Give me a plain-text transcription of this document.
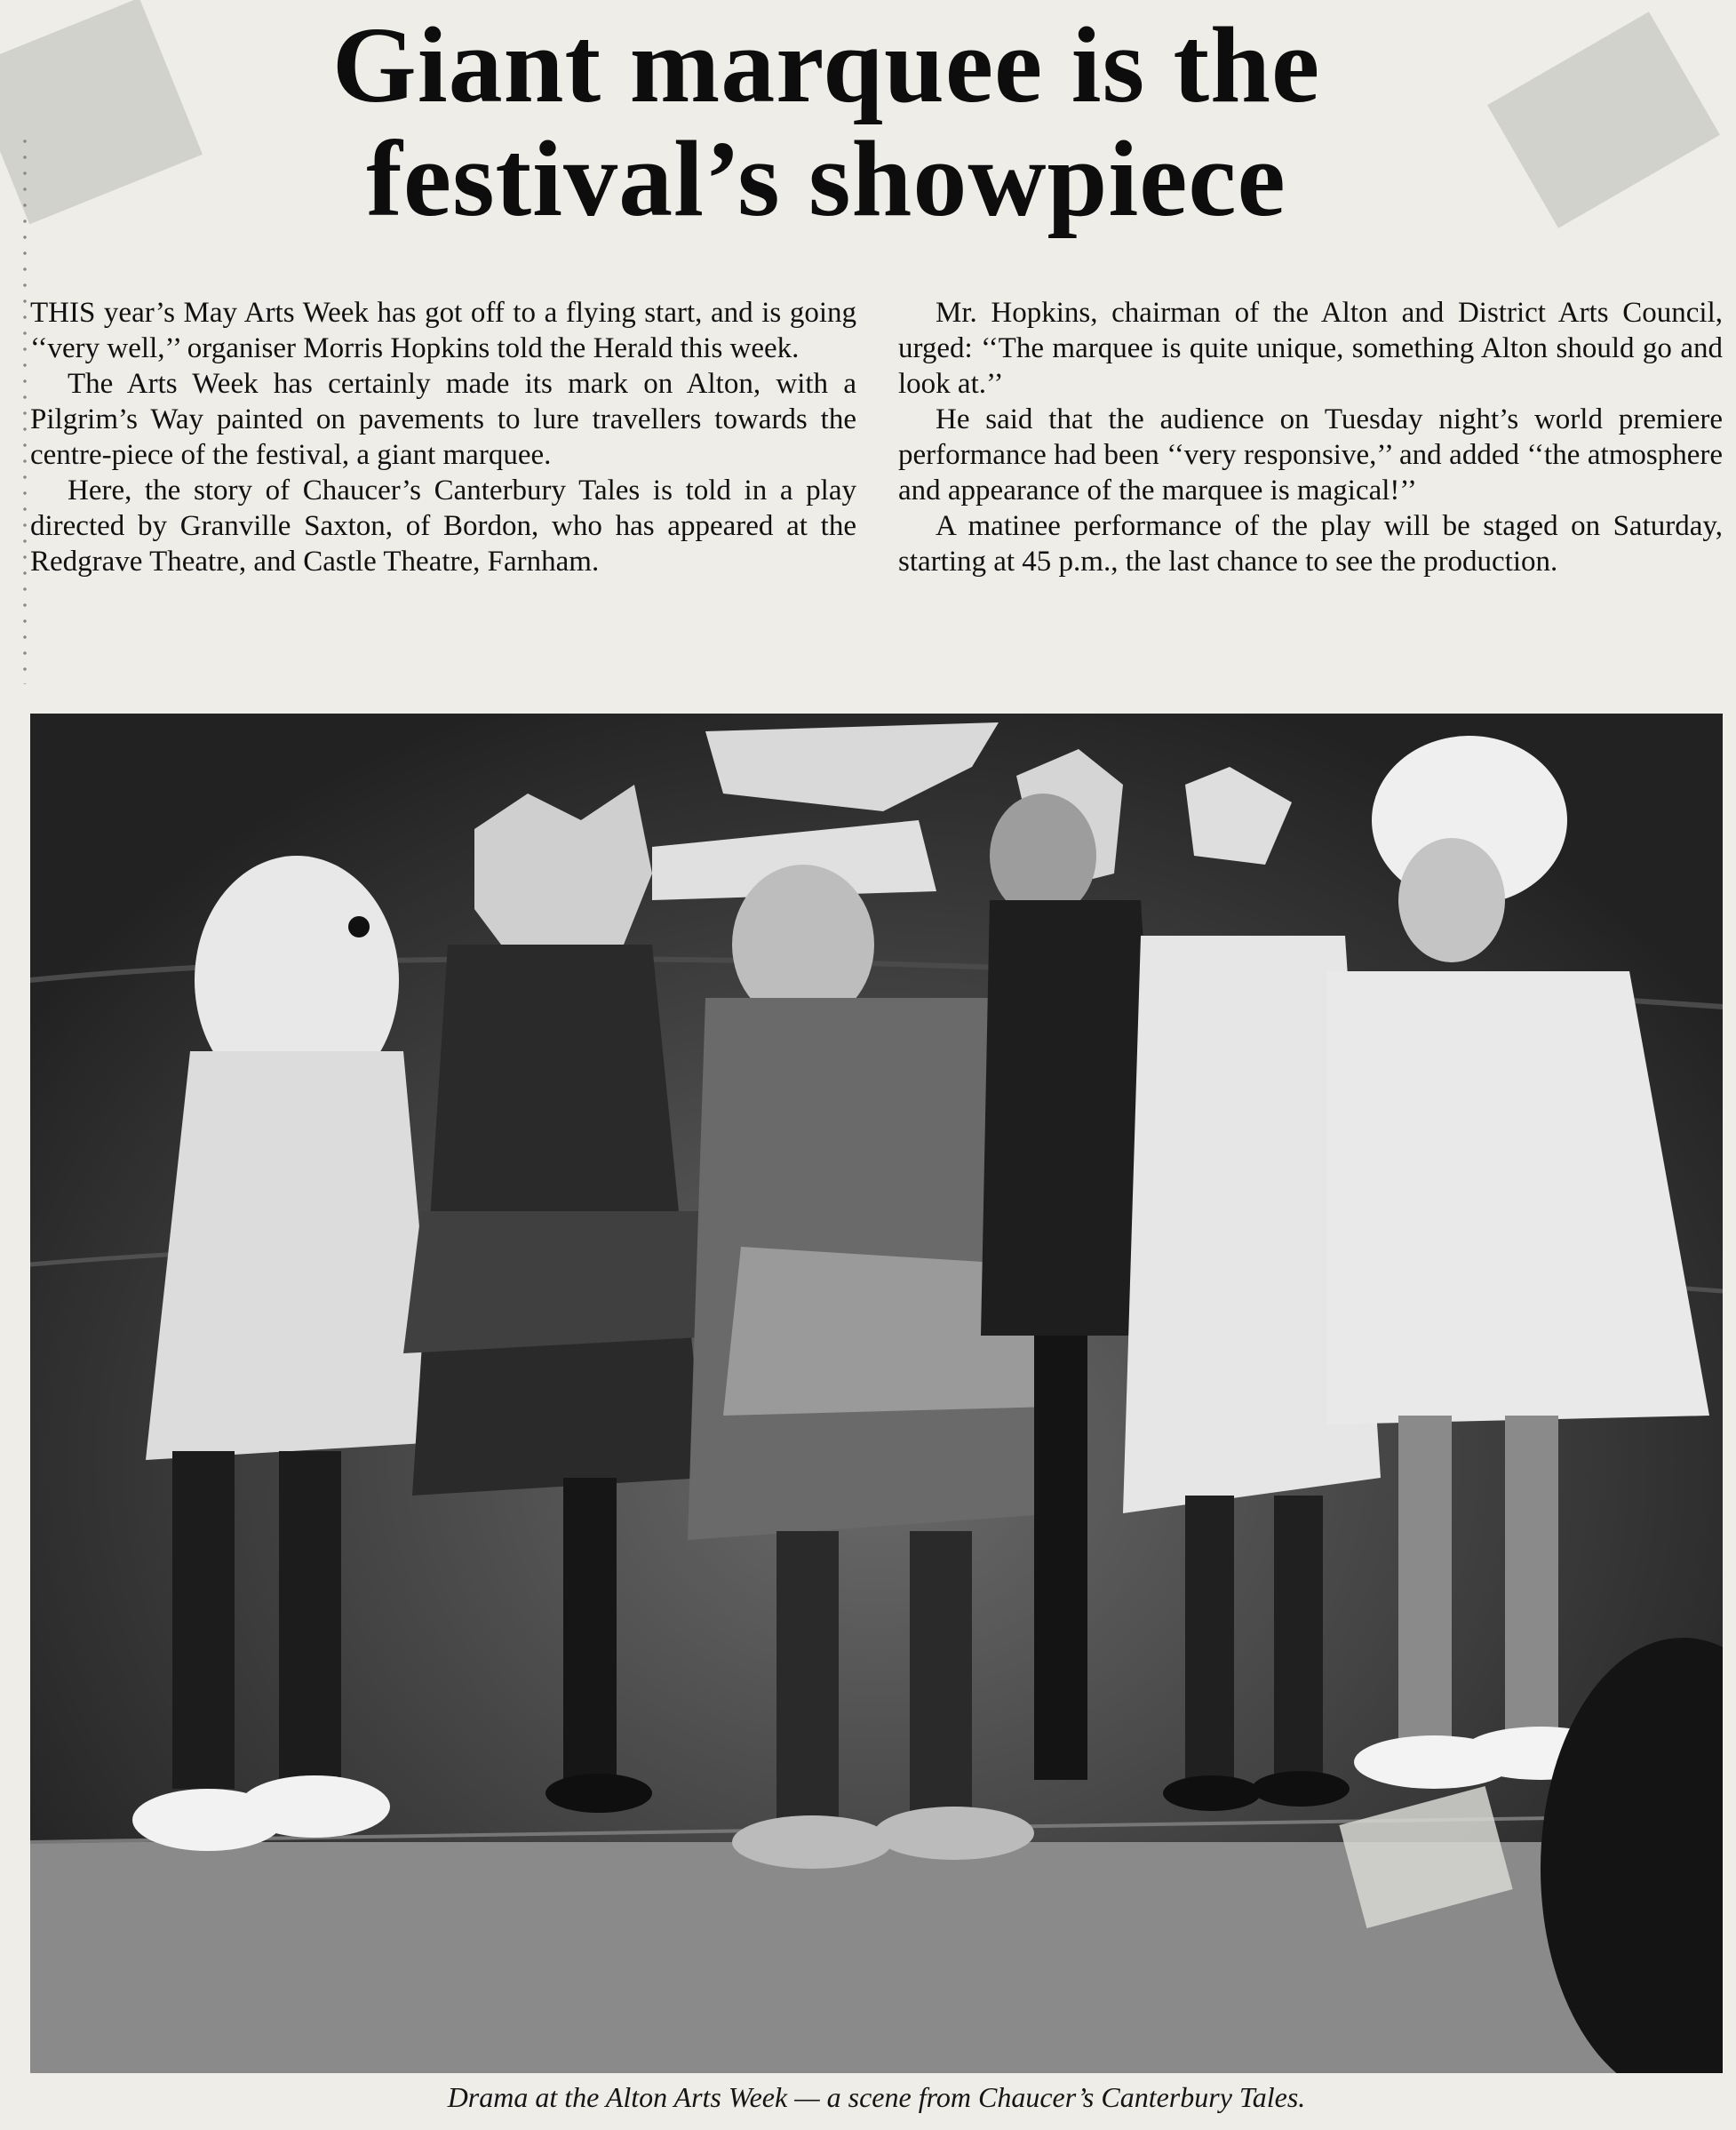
Giant marquee is the
festival’s showpiece

THIS year’s May Arts Week has got off to a flying start, and is going ‘‘very well,’’ organiser Morris Hopkins told the Herald this week.

The Arts Week has certainly made its mark on Alton, with a Pilgrim’s Way painted on pavements to lure travellers towards the centre-piece of the festival, a giant marquee.

Here, the story of Chaucer’s Canterbury Tales is told in a play directed by Granville Saxton, of Bordon, who has appeared at the Redgrave Theatre, and Castle Theatre, Farnham.

Mr. Hopkins, chairman of the Alton and District Arts Council, urged: ‘‘The marquee is quite unique, something Alton should go and look at.’’

He said that the audience on Tuesday night’s world premiere performance had been ‘‘very responsive,’’ and added ‘‘the atmosphere and appearance of the marquee is magical!’’

A matinee performance of the play will be staged on Saturday, starting at 45 p.m., the last chance to see the production.

Drama at the Alton Arts Week — a scene from Chaucer’s Canterbury Tales.
